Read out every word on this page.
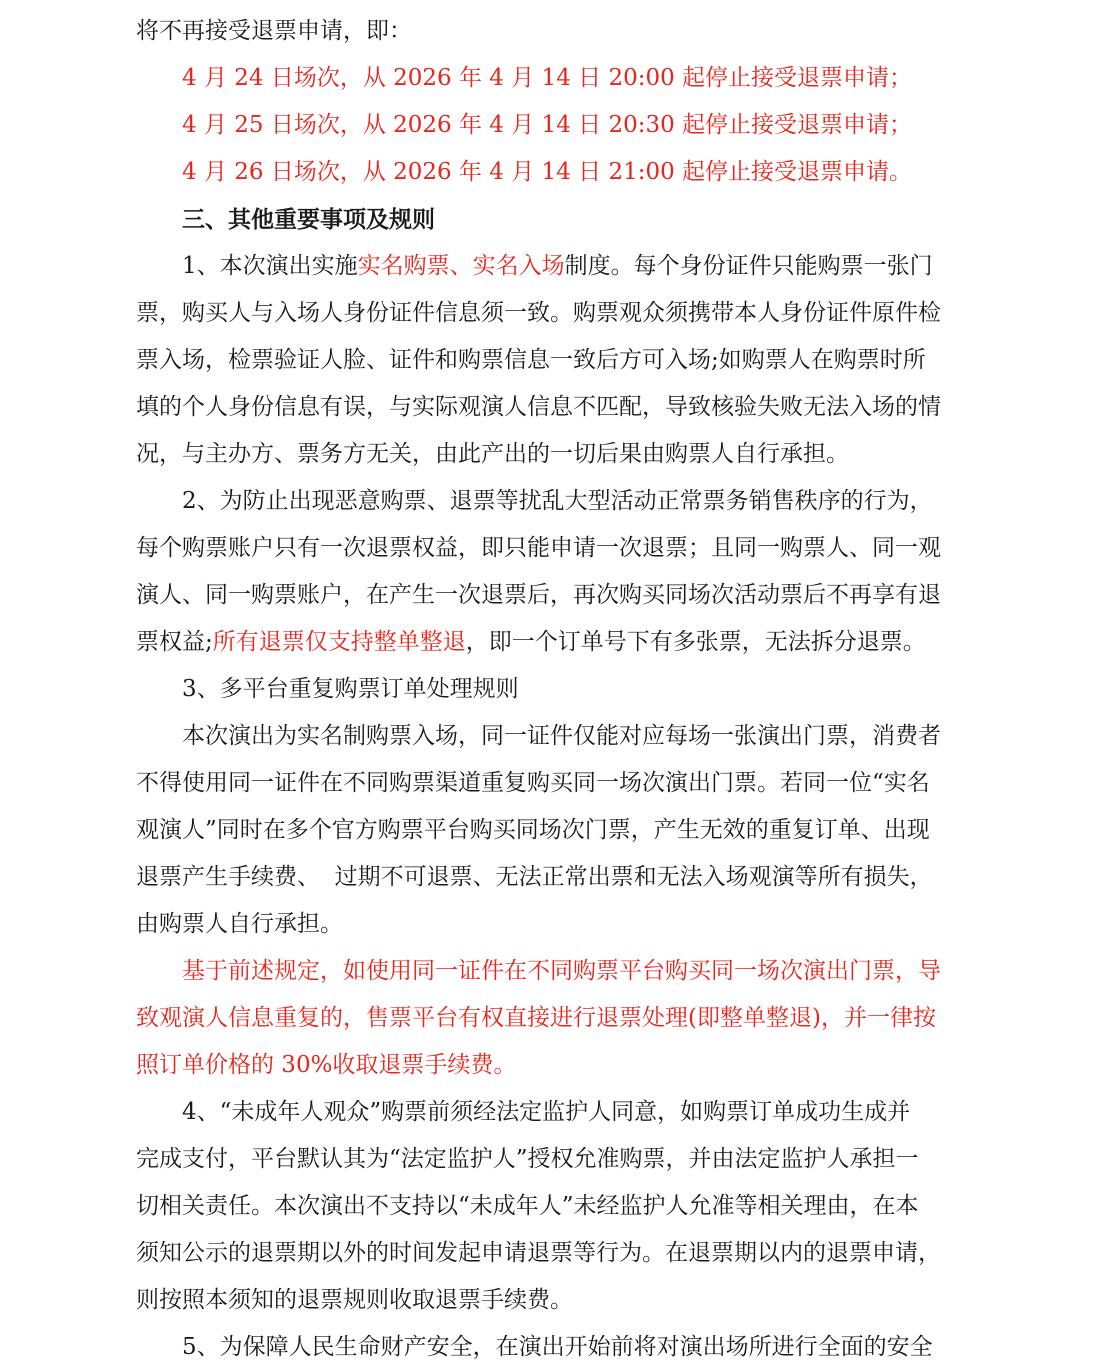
将不再接受退票申请，即：
4 月 24 日场次，从 2026 年 4 月 14 日 20:00 起停止接受退票申请；
4 月 25 日场次，从 2026 年 4 月 14 日 20:30 起停止接受退票申请；
4 月 26 日场次，从 2026 年 4 月 14 日 21:00 起停止接受退票申请。
三、其他重要事项及规则
1、本次演出实施实名购票、实名入场制度。每个身份证件只能购票一张门
票，购买人与入场人身份证件信息须一致。购票观众须携带本人身份证件原件检
票入场，检票验证人脸、证件和购票信息一致后方可入场;如购票人在购票时所
填的个人身份信息有误，与实际观演人信息不匹配，导致核验失败无法入场的情
况，与主办方、票务方无关，由此产出的一切后果由购票人自行承担。
2、为防止出现恶意购票、退票等扰乱大型活动正常票务销售秩序的行为，
每个购票账户只有一次退票权益，即只能申请一次退票；且同一购票人、同一观
演人、同一购票账户，在产生一次退票后，再次购买同场次活动票后不再享有退
票权益;所有退票仅支持整单整退，即一个订单号下有多张票，无法拆分退票。
3、多平台重复购票订单处理规则
本次演出为实名制购票入场，同一证件仅能对应每场一张演出门票，消费者
不得使用同一证件在不同购票渠道重复购买同一场次演出门票。若同一位“实名
观演人”同时在多个官方购票平台购买同场次门票，产生无效的重复订单、出现
退票产生手续费、  过期不可退票、无法正常出票和无法入场观演等所有损失，
由购票人自行承担。
基于前述规定，如使用同一证件在不同购票平台购买同一场次演出门票，导
致观演人信息重复的，售票平台有权直接进行退票处理(即整单整退)，并一律按
照订单价格的 30%收取退票手续费。
4、“未成年人观众”购票前须经法定监护人同意，如购票订单成功生成并
完成支付，平台默认其为“法定监护人”授权允准购票，并由法定监护人承担一
切相关责任。本次演出不支持以“未成年人”未经监护人允准等相关理由，在本
须知公示的退票期以外的时间发起申请退票等行为。在退票期以内的退票申请，
则按照本须知的退票规则收取退票手续费。
5、为保障人民生命财产安全，在演出开始前将对演出场所进行全面的安全
